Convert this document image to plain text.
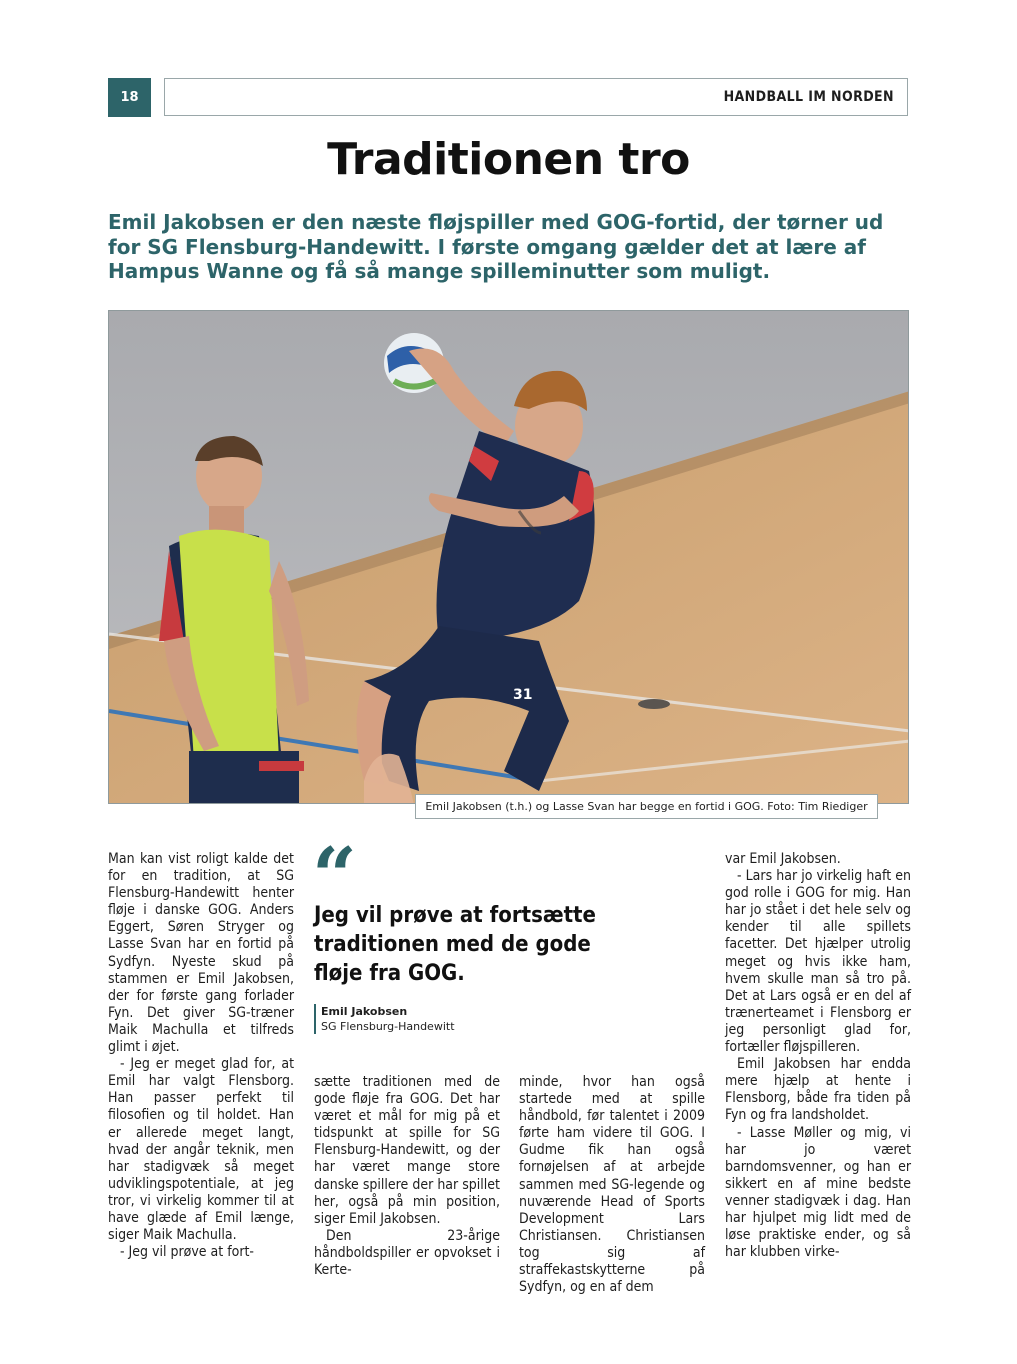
18	HANDBALL IM NORDEN
Traditionen tro

Emil Jakobsen er den næste fløjspiller med GOG-fortid, der tørner ud for SG Flensburg-Handewitt. I første omgang gælder det at lære af Hampus Wanne og få så mange spilleminutter som muligt.

31
Emil Jakobsen (t.h.) og Lasse Svan har begge en fortid i GOG. Foto: Tim Riediger

Man kan vist roligt kalde det for en tradition, at SG Flensburg-Handewitt henter fløje i danske GOG. Anders Eggert, Søren Stryger og Lasse Svan har en fortid på Sydfyn. Nyeste skud på stammen er Emil Jakobsen, der for første gang forlader Fyn. Det giver SG-træner Maik Machulla et tilfreds glimt i øjet.

- Jeg er meget glad for, at Emil har valgt Flensborg. Han passer perfekt til filosofien og til holdet. Han er allerede meget langt, hvad der angår teknik, men har stadigvæk så meget udviklingspotentiale, at jeg tror, vi virkelig kommer til at have glæde af Emil længe, siger Maik Machulla.

- Jeg vil prøve at fort-

“

Jeg vil prøve at fortsætte traditionen med de gode fløje fra GOG.

Emil Jakobsen
SG Flensburg-Handewitt

sætte traditionen med de gode fløje fra GOG. Det har været et mål for mig på et tidspunkt at spille for SG Flensburg-Handewitt, og der har været mange store danske spillere der har spillet her, også på min position, siger Emil Jakobsen.

Den 23-årige håndboldspiller er opvokset i Kerte-

minde, hvor han også startede med at spille håndbold, før talentet i 2009 førte ham videre til GOG. I Gudme fik han også fornøjelsen af at arbejde sammen med SG-legende og nuværende Head of Sports Development Lars Christiansen. Christiansen tog sig af straffekastskytterne på Sydfyn, og en af dem

var Emil Jakobsen.

- Lars har jo virkelig haft en god rolle i GOG for mig. Han har jo stået i det hele selv og kender til alle spillets facetter. Det hjælper utrolig meget og hvis ikke ham, hvem skulle man så tro på. Det at Lars også er en del af trænerteamet i Flensborg er jeg personligt glad for, fortæller fløjspilleren.

Emil Jakobsen har endda mere hjælp at hente i Flensborg, både fra tiden på Fyn og fra landsholdet.

- Lasse Møller og mig, vi har jo været barndomsvenner, og han er sikkert en af mine bedste venner stadigvæk i dag. Han har hjulpet mig lidt med de løse praktiske ender, og så har klubben virke-
